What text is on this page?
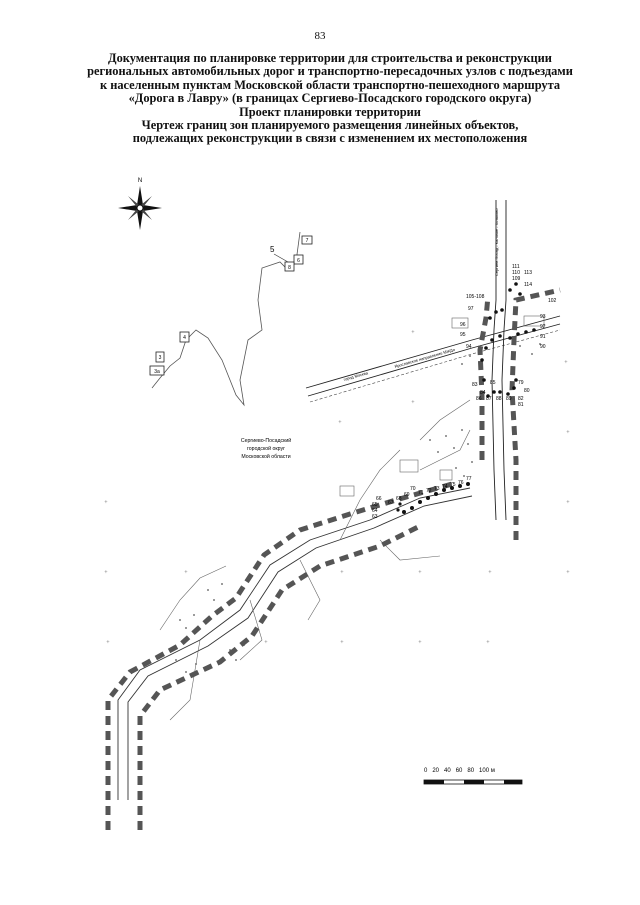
83
Документация по планировке территории для строительства и реконструкции
региональных автомобильных дорог и транспортно-пересадочных узлов с подъездами
к населенным пунктам Московской области транспортно-пешеходного маршрута
«Дорога в Лавру» (в границах Сергиево-Посадского городского округа)
Проект планировки территории
Чертеж границ зон планируемого размещения линейных объектов,
подлежащих реконструкции в связи с изменением их местоположения
N
7
6
8
4
3
3а
5
Ярославское направление МЖД
город Москва
Сергиев Посад - Калязин - Хотьково
+
+
+
+
+
+
+
+
+	+
+
+
+
+
+
+
+
+
Сергиево-Посадский
городской округ
Московской области
111
110
109
113
114
105-108
102
97
96
95
94
93
92
91
90
83
84
85
86 87 88 89 82
81
80
79
77
76
75
74
73
72
71
70
69
68
67
66
65
64
63
0   20   40   60   80   100 м
